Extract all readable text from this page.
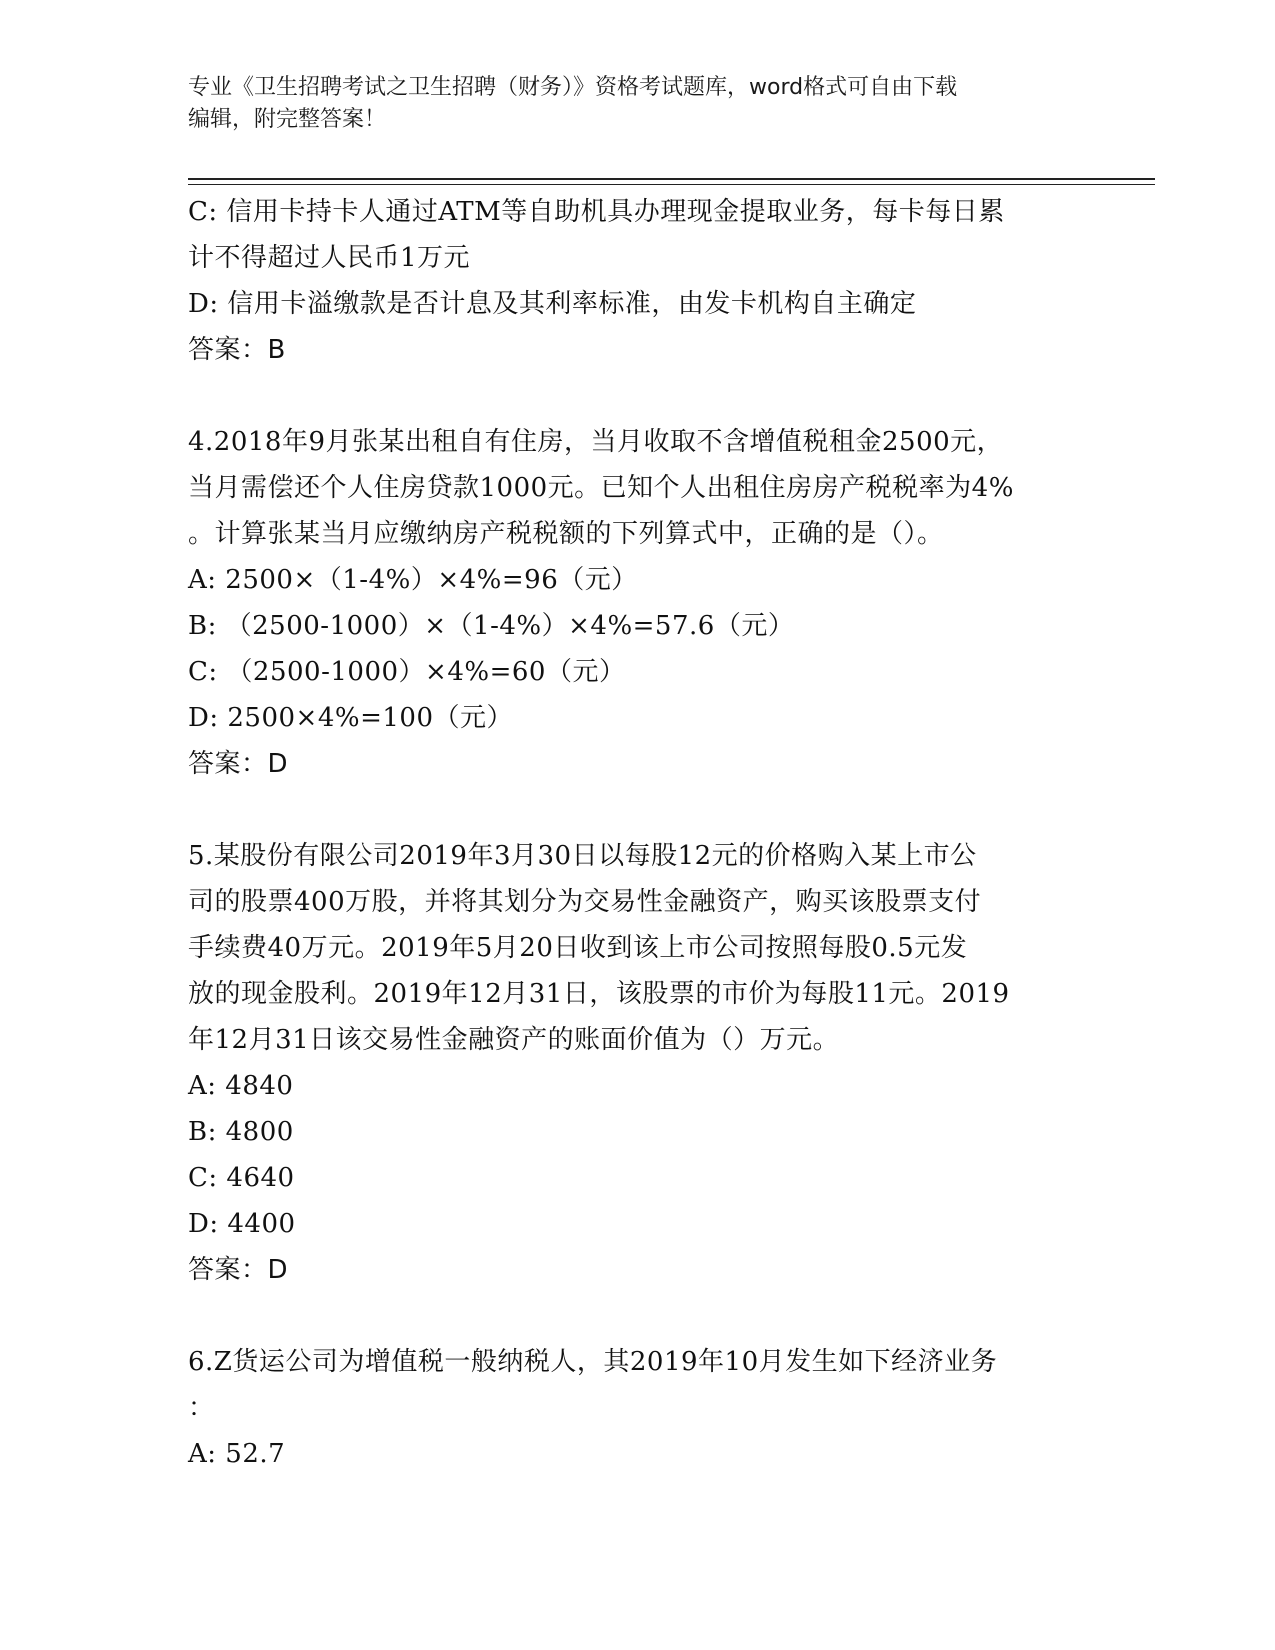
专业《卫生招聘考试之卫生招聘（财务）》资格考试题库，word格式可自由下载
编辑，附完整答案！
C: 信用卡持卡人通过ATM等自助机具办理现金提取业务，每卡每日累
计不得超过人民币1万元
D: 信用卡溢缴款是否计息及其利率标准，由发卡机构自主确定
答案：B
4.2018年9月张某出租自有住房，当月收取不含增值税租金2500元，
当月需偿还个人住房贷款1000元。已知个人出租住房房产税税率为4%
。计算张某当月应缴纳房产税税额的下列算式中，正确的是（）。
A: 2500×（1-4%）×4%=96（元）
B: （2500-1000）×（1-4%）×4%=57.6（元）
C: （2500-1000）×4%=60（元）
D: 2500×4%=100（元）
答案：D
5.某股份有限公司2019年3月30日以每股12元的价格购入某上市公
司的股票400万股，并将其划分为交易性金融资产，购买该股票支付
手续费40万元。2019年5月20日收到该上市公司按照每股0.5元发
放的现金股利。2019年12月31日，该股票的市价为每股11元。2019
年12月31日该交易性金融资产的账面价值为（）万元。
A: 4840
B: 4800
C: 4640
D: 4400
答案：D
6.Z货运公司为增值税一般纳税人，其2019年10月发生如下经济业务
：
A: 52.7
